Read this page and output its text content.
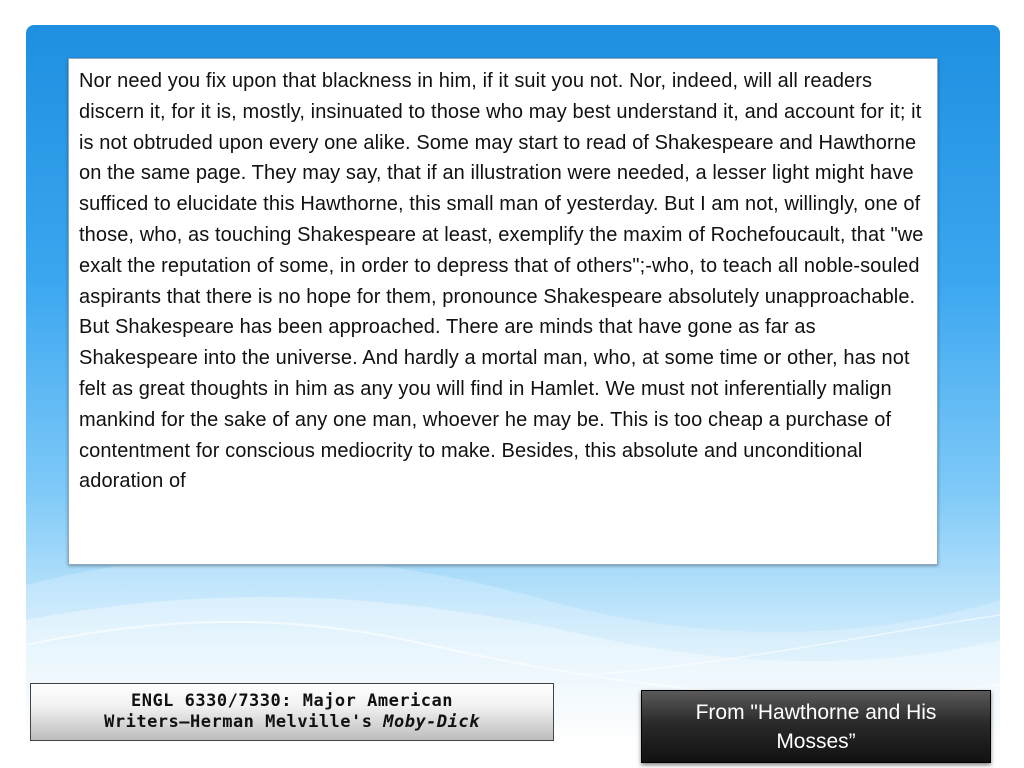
Nor need you fix upon that blackness in him, if it suit you not. Nor, indeed, will all readers discern it, for it is, mostly, insinuated to those who may best understand it, and account for it; it is not obtruded upon every one alike. Some may start to read of Shakespeare and Hawthorne on the same page. They may say, that if an illustration were needed, a lesser light might have sufficed to elucidate this Hawthorne, this small man of yesterday. But I am not, willingly, one of those, who, as touching Shakespeare at least, exemplify the maxim of Rochefoucault, that "we exalt the reputation of some, in order to depress that of others";-who, to teach all noble-souled aspirants that there is no hope for them, pronounce Shakespeare absolutely unapproachable. But Shakespeare has been approached. There are minds that have gone as far as Shakespeare into the universe. And hardly a mortal man, who, at some time or other, has not felt as great thoughts in him as any you will find in Hamlet. We must not inferentially malign mankind for the sake of any one man, whoever he may be. This is too cheap a purchase of contentment for conscious mediocrity to make. Besides, this absolute and unconditional adoration of

ENGL 6330/7330: Major American
Writers—Herman Melville's Moby-Dick	From "Hawthorne and His Mosses”
